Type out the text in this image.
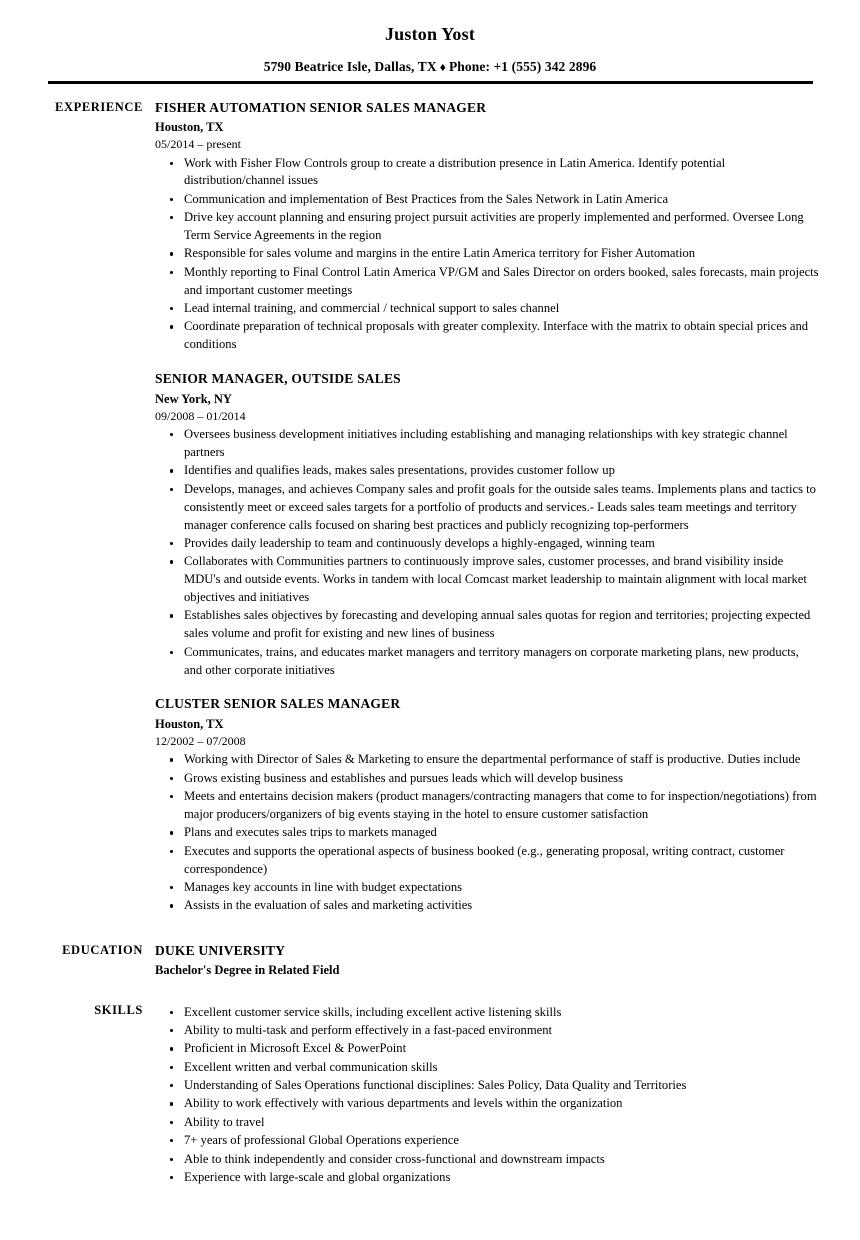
Juston Yost
5790 Beatrice Isle, Dallas, TX ♦ Phone: +1 (555) 342 2896
EXPERIENCE FISHER AUTOMATION SENIOR SALES MANAGER
Houston, TX
05/2014 – present
Work with Fisher Flow Controls group to create a distribution presence in Latin America. Identify potential distribution/channel issues
Communication and implementation of Best Practices from the Sales Network in Latin America
Drive key account planning and ensuring project pursuit activities are properly implemented and performed. Oversee Long Term Service Agreements in the region
Responsible for sales volume and margins in the entire Latin America territory for Fisher Automation
Monthly reporting to Final Control Latin America VP/GM and Sales Director on orders booked, sales forecasts, main projects and important customer meetings
Lead internal training, and commercial / technical support to sales channel
Coordinate preparation of technical proposals with greater complexity. Interface with the matrix to obtain special prices and conditions
SENIOR MANAGER, OUTSIDE SALES
New York, NY
09/2008 – 01/2014
Oversees business development initiatives including establishing and managing relationships with key strategic channel partners
Identifies and qualifies leads, makes sales presentations, provides customer follow up
Develops, manages, and achieves Company sales and profit goals for the outside sales teams. Implements plans and tactics to consistently meet or exceed sales targets for a portfolio of products and services.- Leads sales team meetings and territory manager conference calls focused on sharing best practices and publicly recognizing top-performers
Provides daily leadership to team and continuously develops a highly-engaged, winning team
Collaborates with Communities partners to continuously improve sales, customer processes, and brand visibility inside MDU's and outside events. Works in tandem with local Comcast market leadership to maintain alignment with local market objectives and initiatives
Establishes sales objectives by forecasting and developing annual sales quotas for region and territories; projecting expected sales volume and profit for existing and new lines of business
Communicates, trains, and educates market managers and territory managers on corporate marketing plans, new products, and other corporate initiatives
CLUSTER SENIOR SALES MANAGER
Houston, TX
12/2002 – 07/2008
Working with Director of Sales & Marketing to ensure the departmental performance of staff is productive. Duties include
Grows existing business and establishes and pursues leads which will develop business
Meets and entertains decision makers (product managers/contracting managers that come to for inspection/negotiations) from major producers/organizers of big events staying in the hotel to ensure customer satisfaction
Plans and executes sales trips to markets managed
Executes and supports the operational aspects of business booked (e.g., generating proposal, writing contract, customer correspondence)
Manages key accounts in line with budget expectations
Assists in the evaluation of sales and marketing activities
EDUCATION DUKE UNIVERSITY
Bachelor's Degree in Related Field
SKILLS	Excellent customer service skills, including excellent active listening skills
Ability to multi-task and perform effectively in a fast-paced environment
Proficient in Microsoft Excel & PowerPoint
Excellent written and verbal communication skills
Understanding of Sales Operations functional disciplines: Sales Policy, Data Quality and Territories
Ability to work effectively with various departments and levels within the organization
Ability to travel
7+ years of professional Global Operations experience
Able to think independently and consider cross-functional and downstream impacts
Experience with large-scale and global organizations
